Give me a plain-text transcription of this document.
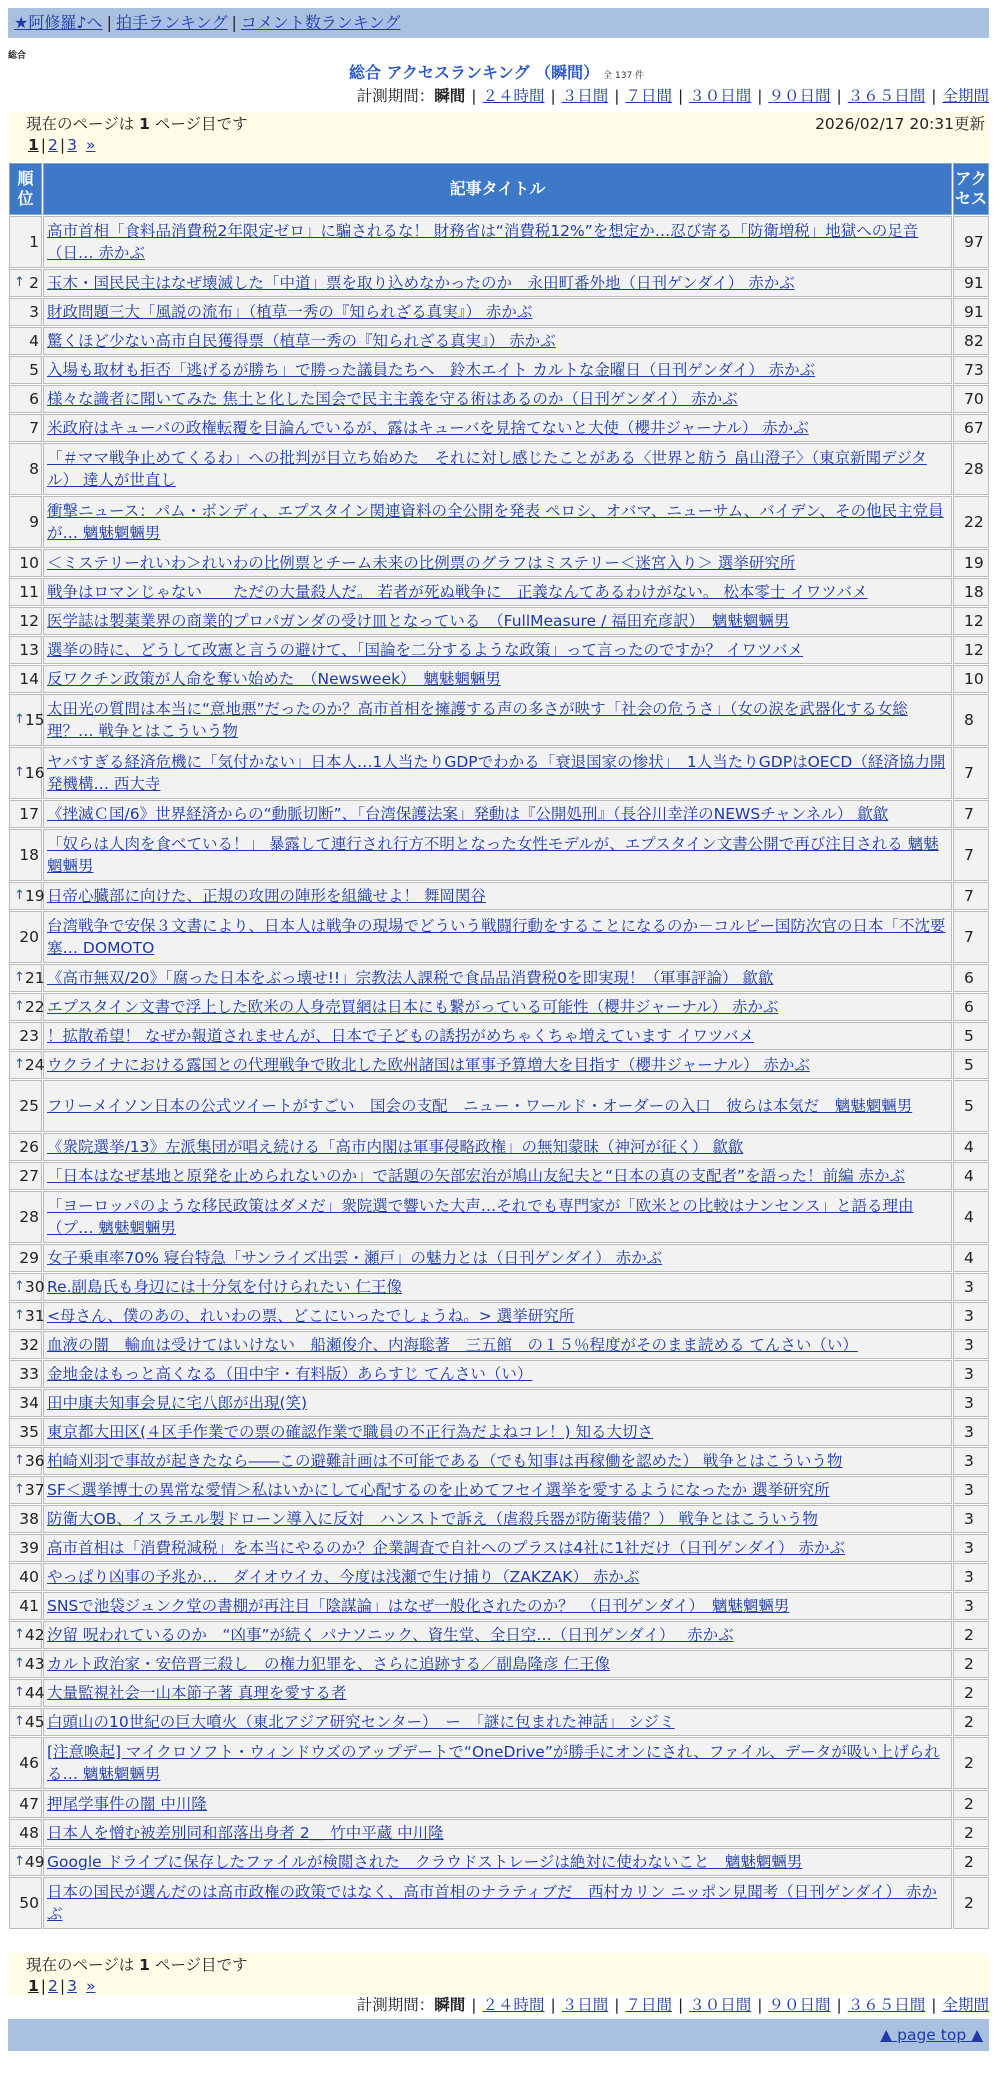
★阿修羅♪へ | 拍手ランキング | コメント数ランキング
総合
総合 アクセスランキング （瞬間） 全 137 件
計測期間：瞬間 | ２４時間 | ３日間 | ７日間 | ３０日間 | ９０日間 | ３６５日間 | 全期間
現在のページは 1 ページ目です	2026/02/17 20:31更新
1 | 2 | 3 »
順位	記事タイトル	アクセス
1	高市首相「食料品消費税2年限定ゼロ」に騙されるな！ 財務省は“消費税12%”を想定か…忍び寄る「防衛増税」地獄への足音（日… 赤かぶ	97

↑ 2	玉木・国民民主はなぜ壊滅した「中道」票を取り込めなかったのか　永田町番外地（日刊ゲンダイ） 赤かぶ	91
3	財政問題三大「風説の流布」（植草一秀の『知られざる真実』） 赤かぶ	91
4	驚くほど少ない高市自民獲得票（植草一秀の『知られざる真実』） 赤かぶ	82
5	入場も取材も拒否「逃げるが勝ち」で勝った議員たちへ　鈴木エイト カルトな金曜日（日刊ゲンダイ） 赤かぶ	73
6	様々な識者に聞いてみた 焦土と化した国会で民主主義を守る術はあるのか（日刊ゲンダイ） 赤かぶ	70
7	米政府はキューバの政権転覆を目論んでいるが、露はキューバを見捨てないと大使（櫻井ジャーナル） 赤かぶ	67
8	「＃ママ戦争止めてくるわ」への批判が目立ち始めた　それに対し感じたことがある〈世界と舫う 畠山澄子〉（東京新聞デジタル） 達人が世直し	28
9	衝撃ニュース：パム・ボンディ、エプスタイン関連資料の全公開を発表 ペロシ、オバマ、ニューサム、バイデン、その他民主党員が… 魑魅魍魎男	22
10	＜ミステリーれいわ＞れいわの比例票とチーム未来の比例票のグラフはミステリー＜迷宮入り＞ 選挙研究所	19
11	戦争はロマンじゃない　　ただの大量殺人だ。 若者が死ぬ戦争に　正義なんてあるわけがない。 松本零士 イワツバメ	18
12	医学誌は製薬業界の商業的プロパガンダの受け皿となっている　（FullMeasure / 福田充彦訳）　魑魅魍魎男	12
13	選挙の時に、どうして改憲と言うの避けて、「国論を二分するような政策」って言ったのですか？ イワツバメ	12
14	反ワクチン政策が人命を奪い始めた　（Newsweek）　魑魅魍魎男	10

↑ 15	太田光の質問は本当に“意地悪”だったのか？高市首相を擁護する声の多さが映す「社会の危うさ」（女の涙を武器化する女総理？… 戦争とはこういう物	8

↑ 16	ヤバすぎる経済危機に「気付かない」日本人…1人当たりGDPでわかる「衰退国家の惨状」　1人当たりGDPはOECD（経済協力開発機構… 西大寺	7
17	《挫滅Ｃ国/6》世界経済からの“動脈切断”、「台湾保護法案」発動は『公開処刑』（長谷川幸洋のNEWSチャンネル） 歙歙	7
18	「奴らは人肉を食べている！」 暴露して連行され行方不明となった女性モデルが、エプスタイン文書公開で再び注目される 魑魅魍魎男	7

↑ 19	日帝心臓部に向けた、正規の攻囲の陣形を組織せよ！ 舞岡関谷	7
20	台湾戦争で安保３文書により、日本人は戦争の現場でどういう戦闘行動をすることになるのか－コルビー国防次官の日本「不沈要塞… DOMOTO	7

↑ 21	《高市無双/20》「腐った日本をぶっ壊せ!!」宗教法人課税で食品品消費税0を即実現！（軍事評論） 歙歙	6

↑ 22	エプスタイン文書で浮上した欧米の人身売買網は日本にも繋がっている可能性（櫻井ジャーナル） 赤かぶ	6
23	！拡散希望！ なぜか報道されませんが、日本で子どもの誘拐がめちゃくちゃ増えています イワツバメ	5

↑ 24	ウクライナにおける露国との代理戦争で敗北した欧州諸国は軍事予算増大を目指す（櫻井ジャーナル） 赤かぶ	5
25	フリーメイソン日本の公式ツイートがすごい　国会の支配　ニュー・ワールド・オーダーの入口　彼らは本気だ　魑魅魍魎男	5
26	《衆院選挙/13》左派集団が唱え続ける「高市内閣は軍事侵略政権」の無知蒙昧（神河が征く） 歙歙	4
27	「日本はなぜ基地と原発を止められないのか」で話題の矢部宏治が鳩山友紀夫と“日本の真の支配者”を語った！前編 赤かぶ	4
28	「ヨーロッパのような移民政策はダメだ」衆院選で響いた大声…それでも専門家が「欧米との比較はナンセンス」と語る理由（プ… 魑魅魍魎男	4
29	女子乗車率70% 寝台特急「サンライズ出雲・瀬戸」の魅力とは（日刊ゲンダイ） 赤かぶ	4

↑ 30	Re.副島氏も身辺には十分気を付けられたい 仁王像	3

↑ 31	<母さん、僕のあの、れいわの票、どこにいったでしょうね。> 選挙研究所	3
32	血液の闇　輸血は受けてはいけない　船瀬俊介、内海聡著　三五館　の１５％程度がそのまま読める てんさい（い）	3
33	金地金はもっと高くなる（田中宇・有料版）あらすじ てんさい（い）	3
34	田中康夫知事会見に宅八郎が出現(笑)	3
35	東京都大田区(４区手作業での票の確認作業で職員の不正行為だよねコレ！) 知る大切さ	3

↑ 36	柏崎刈羽で事故が起きたなら――この避難計画は不可能である（でも知事は再稼働を認めた） 戦争とはこういう物	3

↑ 37	SF＜選挙博士の異常な愛情＞私はいかにして心配するのを止めてフセイ選挙を愛するようになったか 選挙研究所	3
38	防衛大OB、イスラエル製ドローン導入に反対　ハンストで訴え（虐殺兵器が防衛装備？） 戦争とはこういう物	3
39	高市首相は「消費税減税」を本当にやるのか？企業調査で自社へのプラスは4社に1社だけ（日刊ゲンダイ） 赤かぶ	3
40	やっぱり凶事の予兆か…　ダイオウイカ、今度は浅瀬で生け捕り（ZAKZAK） 赤かぶ	3
41	SNSで池袋ジュンク堂の書棚が再注目「陰謀論」はなぜ一般化されたのか？　（日刊ゲンダイ）　魑魅魍魎男	3

↑ 42	汐留 呪われているのか　“凶事”が続く パナソニック、資生堂、全日空…（日刊ゲンダイ）　 赤かぶ	2

↑ 43	カルト政治家・安倍晋三殺し　の権力犯罪を、さらに追跡する／副島隆彦 仁王像	2

↑ 44	大量監視社会一山本節子著 真理を愛する者	2

↑ 45	白頭山の10世紀の巨大噴火（東北アジア研究センター）　ー　「謎に包まれた神話」 シジミ	2
46	[注意喚起] マイクロソフト・ウィンドウズのアップデートで“OneDrive”が勝手にオンにされ、ファイル、データが吸い上げられる… 魑魅魍魎男	2
47	押尾学事件の闇 中川隆	2
48	日本人を憎む被差別同和部落出身者 2＿ 竹中平蔵 中川隆	2

↑ 49	Google ドライブに保存したファイルが検閲された　クラウドストレージは絶対に使わないこと　魑魅魍魎男	2
50	日本の国民が選んだのは高市政権の政策ではなく、高市首相のナラティブだ　西村カリン ニッポン見聞考（日刊ゲンダイ） 赤かぶ	2
現在のページは 1 ページ目です
1 | 2 | 3 »
計測期間：瞬間 | ２４時間 | ３日間 | ７日間 | ３０日間 | ９０日間 | ３６５日間 | 全期間
▲ page top ▲
